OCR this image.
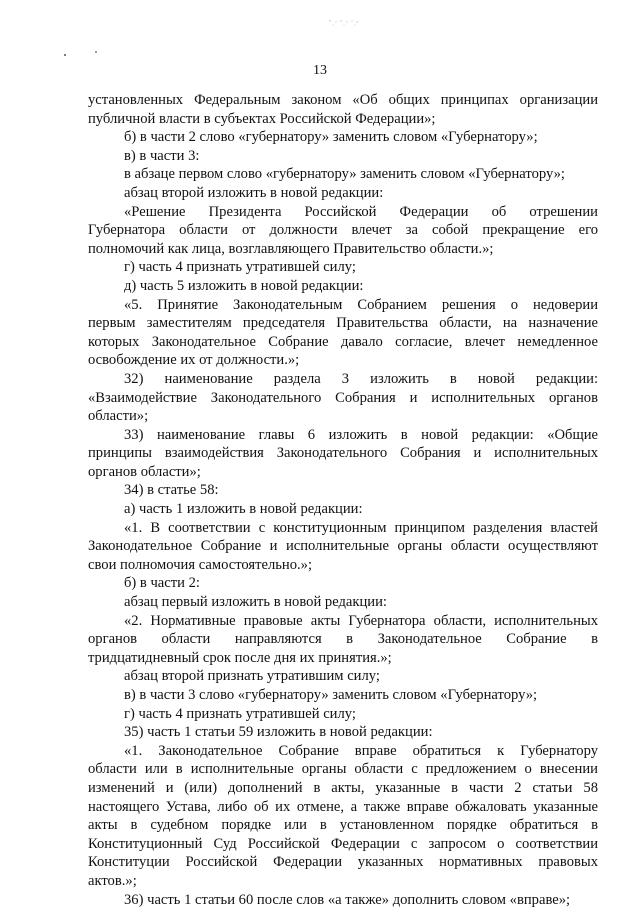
13
установленных Федеральным законом «Об общих принципах организации
публичной власти в субъектах Российской Федерации»;
б) в части 2 слово «губернатору» заменить словом «Губернатору»;
в) в части 3:
в абзаце первом слово «губернатору» заменить словом «Губернатору»;
абзац второй изложить в новой редакции:
«Решение Президента Российской Федерации об отрешении
Губернатора области от должности влечет за собой прекращение его
полномочий как лица, возглавляющего Правительство области.»;
г) часть 4 признать утратившей силу;
д) часть 5 изложить в новой редакции:
«5. Принятие Законодательным Собранием решения о недоверии
первым заместителям председателя Правительства области, на назначение
которых Законодательное Собрание давало согласие, влечет немедленное
освобождение их от должности.»;
32) наименование раздела 3 изложить в новой редакции:
«Взаимодействие Законодательного Собрания и исполнительных органов
области»;
33) наименование главы 6 изложить в новой редакции: «Общие
принципы взаимодействия Законодательного Собрания и исполнительных
органов области»;
34) в статье 58:
а) часть 1 изложить в новой редакции:
«1. В соответствии с конституционным принципом разделения властей
Законодательное Собрание и исполнительные органы области осуществляют
свои полномочия самостоятельно.»;
б) в части 2:
абзац первый изложить в новой редакции:
«2. Нормативные правовые акты Губернатора области, исполнительных
органов области направляются в Законодательное Собрание в
тридцатидневный срок после дня их принятия.»;
абзац второй признать утратившим силу;
в) в части 3 слово «губернатору» заменить словом «Губернатору»;
г) часть 4 признать утратившей силу;
35) часть 1 статьи 59 изложить в новой редакции:
«1. Законодательное Собрание вправе обратиться к Губернатору
области или в исполнительные органы области с предложением о внесении
изменений и (или) дополнений в акты, указанные в части 2 статьи 58
настоящего Устава, либо об их отмене, а также вправе обжаловать указанные
акты в судебном порядке или в установленном порядке обратиться в
Конституционный Суд Российской Федерации с запросом о соответствии
Конституции Российской Федерации указанных нормативных правовых
актов.»;
36) часть 1 статьи 60 после слов «а также» дополнить словом «вправе»;
